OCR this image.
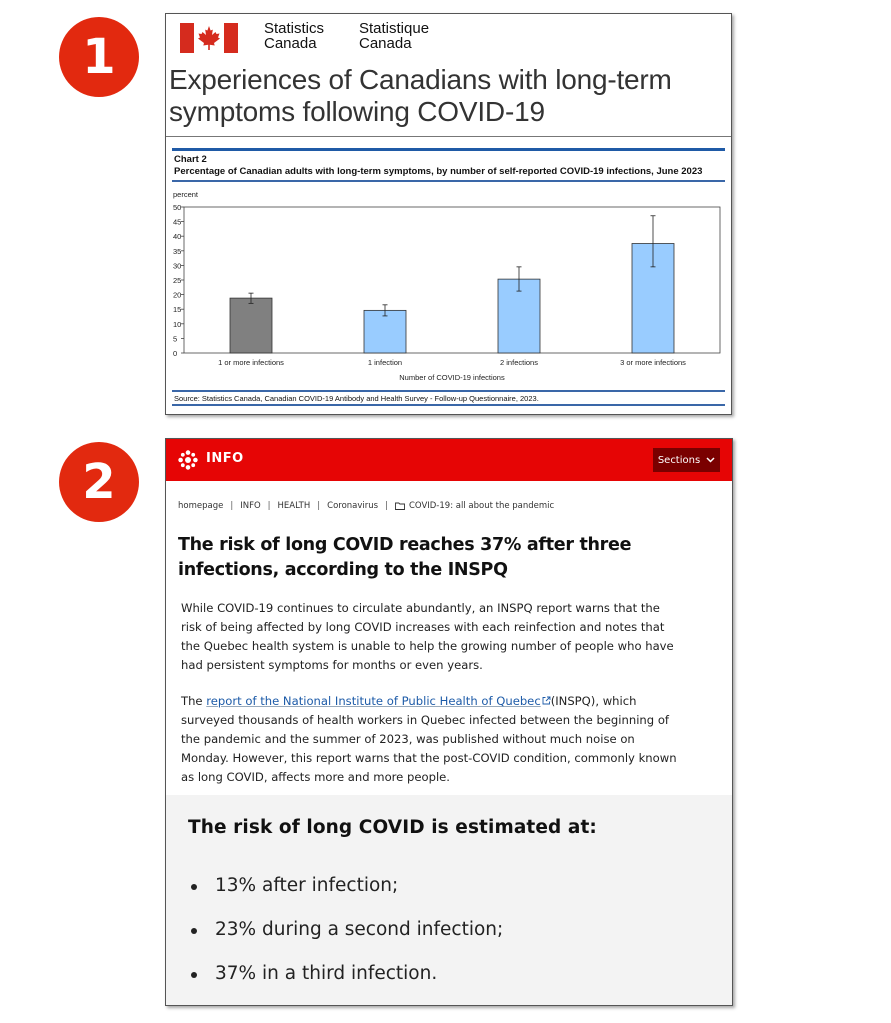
1
2
Statistics
Canada
Statistique
Canada
Experiences of Canadians with long-term symptoms following COVID-19
Chart 2
Percentage of Canadian adults with long-term symptoms, by number of self-reported COVID-19 infections, June 2023
percent
0
5
10
15
20
25
30
35
40
45
50
1 or more infections	1 infection	2 infections	3 or more infections
Number of COVID-19 infections
Source: Statistics Canada, Canadian COVID-19 Antibody and Health Survey - Follow-up Questionnaire, 2023.
INFO	Sections
homepage | INFO | HEALTH | Coronavirus | COVID-19: all about the pandemic
The risk of long COVID reaches 37% after three infections, according to the INSPQ
While COVID-19 continues to circulate abundantly, an INSPQ report warns that the risk of being affected by long COVID increases with each reinfection and notes that the Quebec health system is unable to help the growing number of people who have had persistent symptoms for months or even years.
The report of the National Institute of Public Health of Quebec (INSPQ), which surveyed thousands of health workers in Quebec infected between the beginning of the pandemic and the summer of 2023, was published without much noise on Monday. However, this report warns that the post-COVID condition, commonly known as long COVID, affects more and more people.
The risk of long COVID is estimated at:
13% after infection;
23% during a second infection;
37% in a third infection.
